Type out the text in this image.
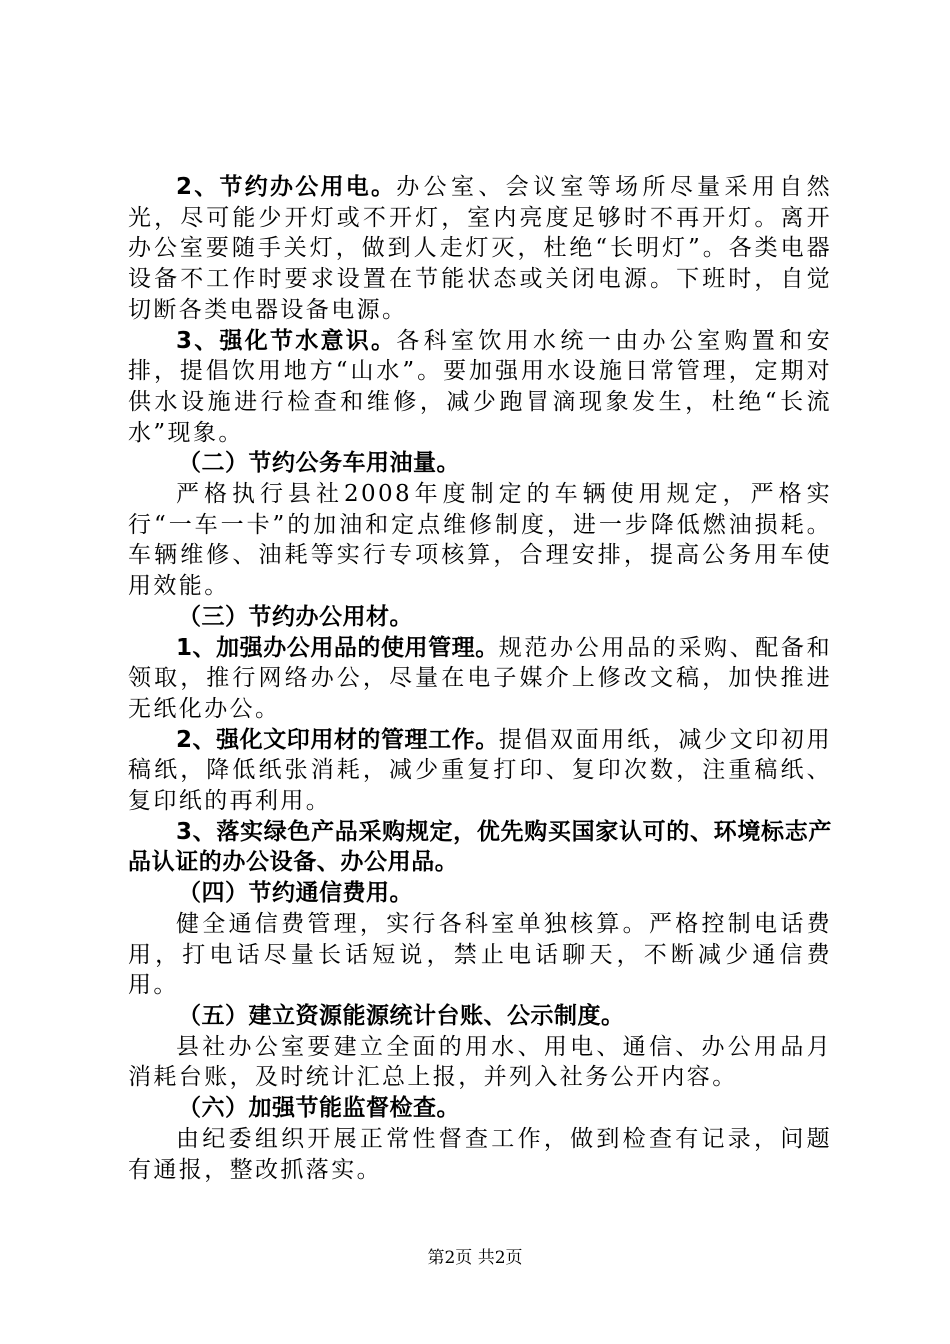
2、节约办公用电。办公室、会议室等场所尽量采用自然光，尽可能少开灯或不开灯，室内亮度足够时不再开灯。离开办公室要随手关灯，做到人走灯灭，杜绝“长明灯”。各类电器设备不工作时要求设置在节能状态或关闭电源。下班时，自觉切断各类电器设备电源。

3、强化节水意识。各科室饮用水统一由办公室购置和安排，提倡饮用地方“山水”。要加强用水设施日常管理，定期对供水设施进行检查和维修，减少跑冒滴现象发生，杜绝“长流水”现象。

（二）节约公务车用油量。

严格执行县社2008年度制定的车辆使用规定，严格实行“一车一卡”的加油和定点维修制度，进一步降低燃油损耗。车辆维修、油耗等实行专项核算，合理安排，提高公务用车使用效能。

（三）节约办公用材。

1、加强办公用品的使用管理。规范办公用品的采购、配备和领取，推行网络办公，尽量在电子媒介上修改文稿，加快推进无纸化办公。

2、强化文印用材的管理工作。提倡双面用纸，减少文印初用稿纸，降低纸张消耗，减少重复打印、复印次数，注重稿纸、复印纸的再利用。

3、落实绿色产品采购规定，优先购买国家认可的、环境标志产品认证的办公设备、办公用品。

（四）节约通信费用。

健全通信费管理，实行各科室单独核算。严格控制电话费用，打电话尽量长话短说，禁止电话聊天，不断减少通信费用。

（五）建立资源能源统计台账、公示制度。

县社办公室要建立全面的用水、用电、通信、办公用品月消耗台账，及时统计汇总上报，并列入社务公开内容。

（六）加强节能监督检查。

由纪委组织开展正常性督查工作，做到检查有记录，问题有通报，整改抓落实。

第2页 共2页
